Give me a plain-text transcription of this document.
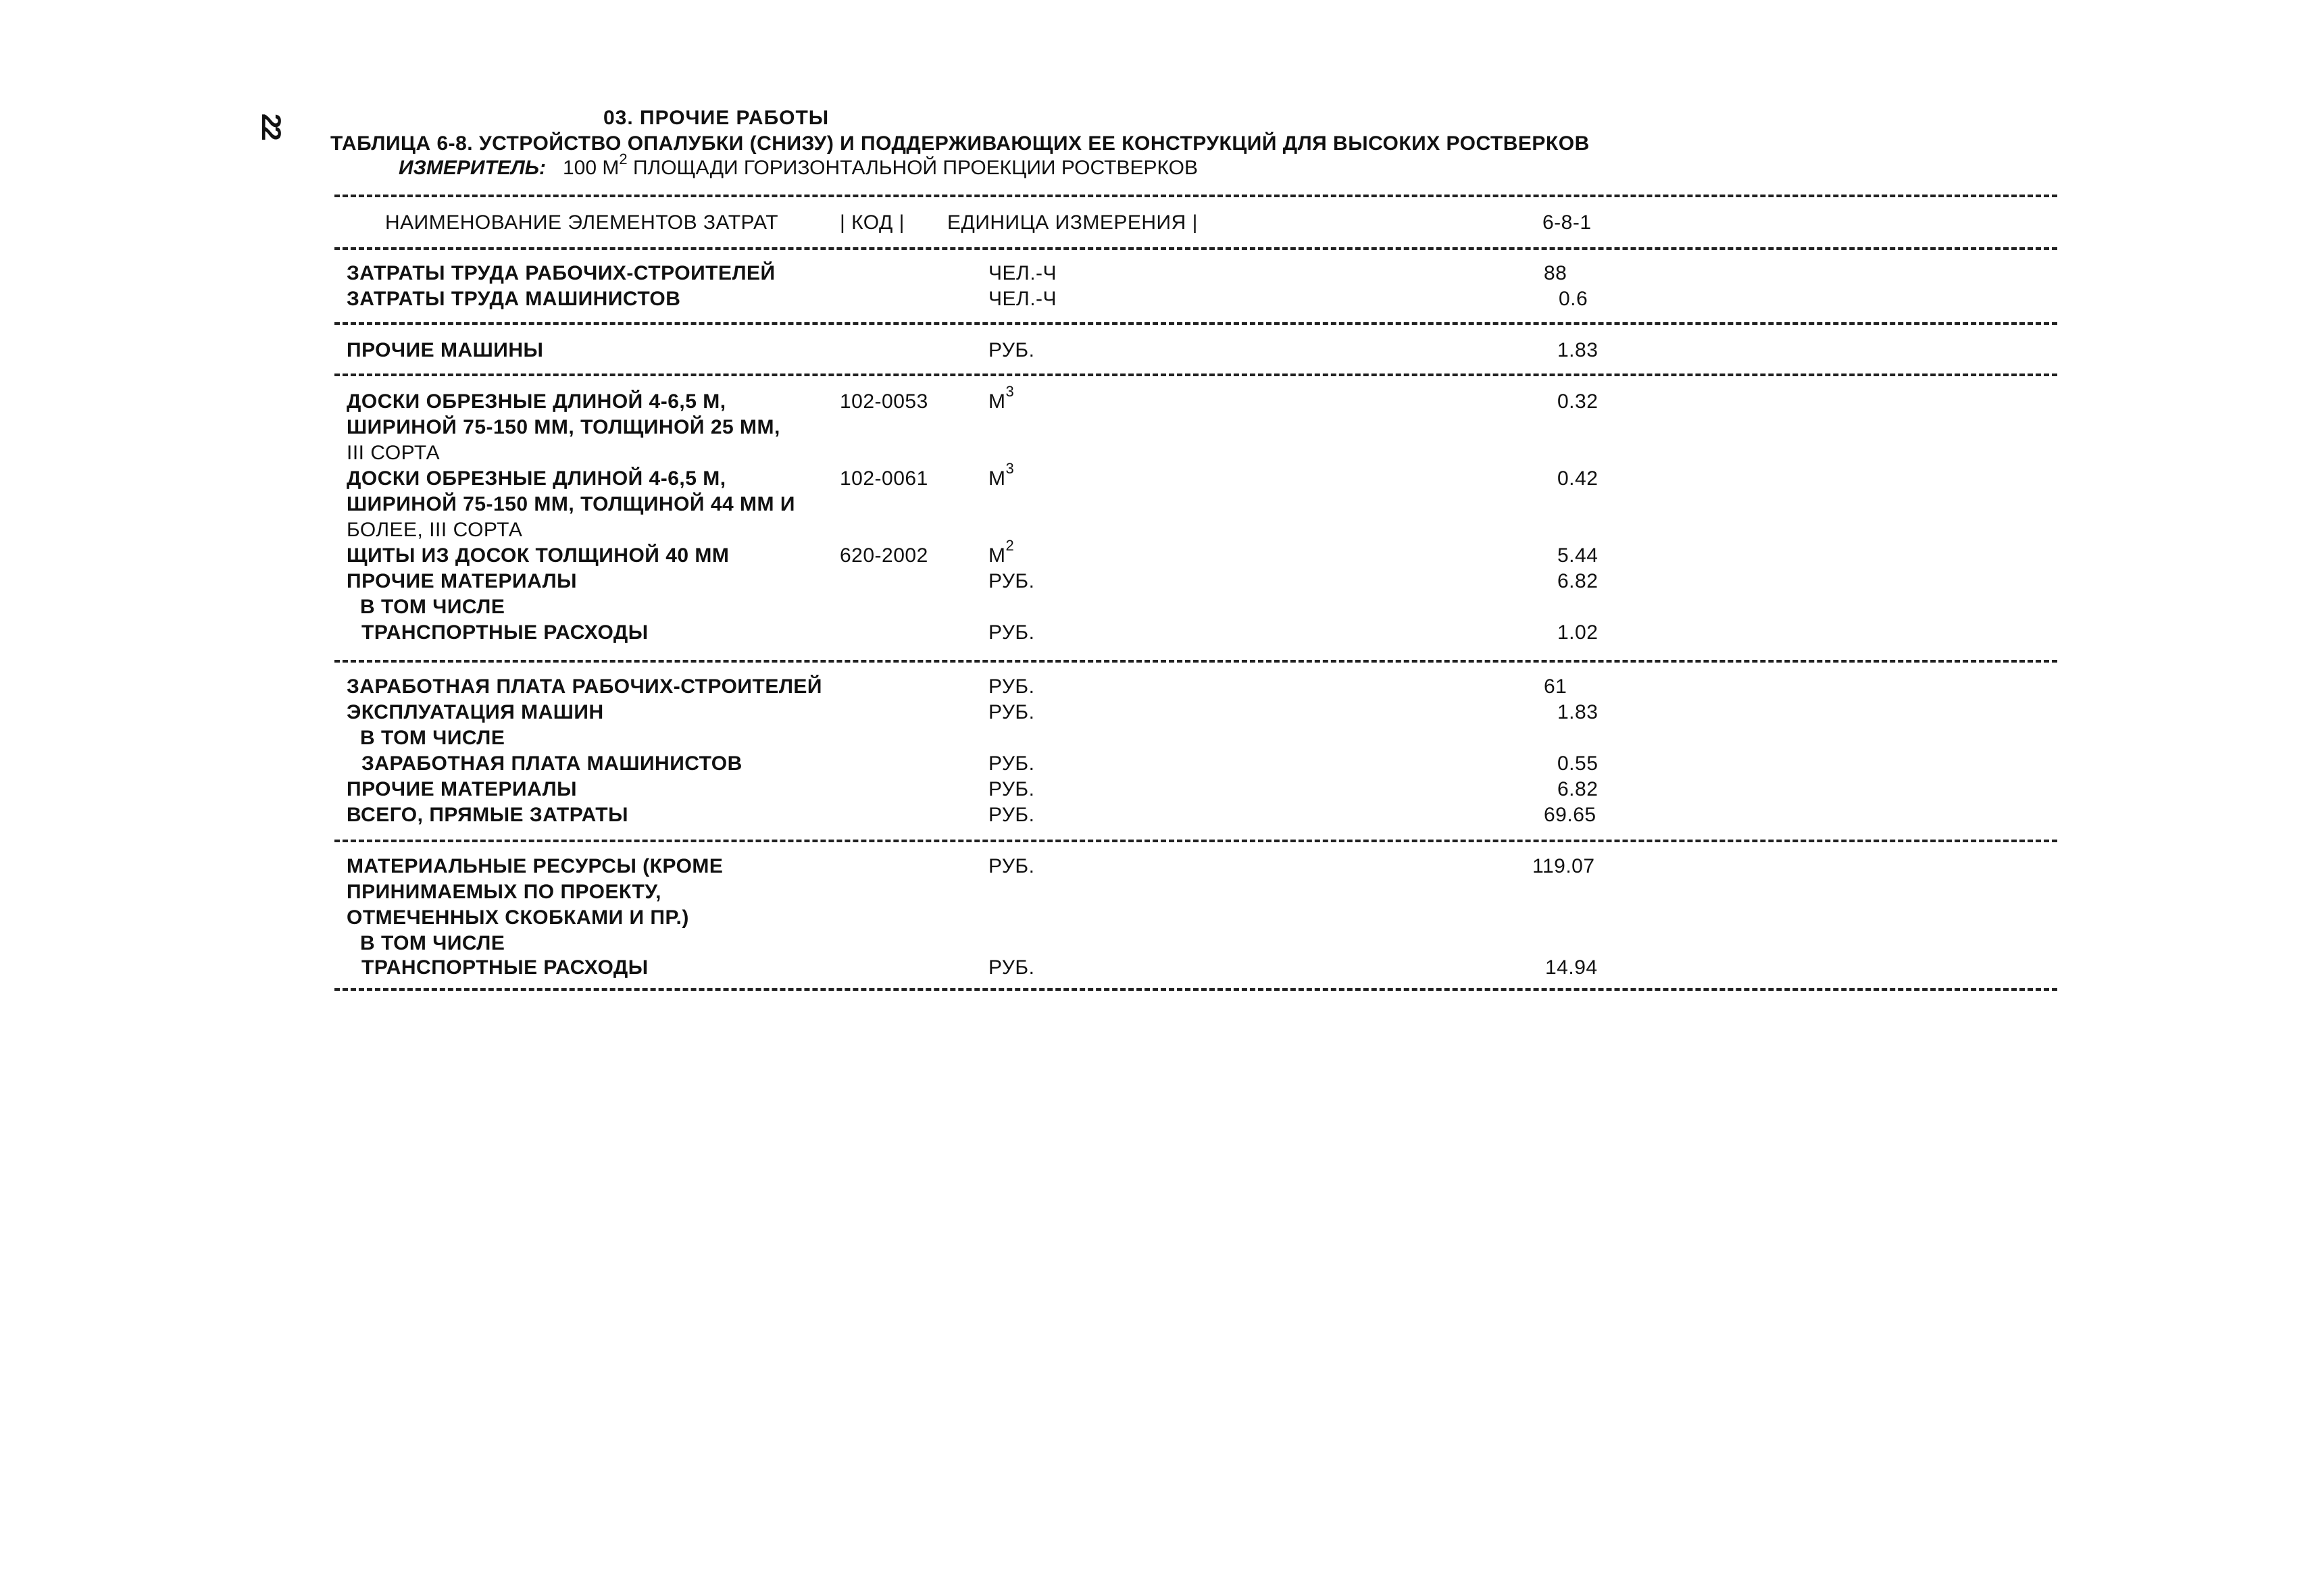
22	03. ПРОЧИЕ РАБОТЫ
ТАБЛИЦА 6-8. УСТРОЙСТВО ОПАЛУБКИ (СНИЗУ) И ПОДДЕРЖИВАЮЩИХ ЕЕ КОНСТРУКЦИЙ ДЛЯ ВЫСОКИХ РОСТВЕРКОВ
ИЗМЕРИТЕЛЬ: 100 $М^2$ ПЛОЩАДИ ГОРИЗОНТАЛЬНОЙ ПРОЕКЦИИ РОСТВЕРКОВ
НАИМЕНОВАНИЕ ЭЛЕМЕНТОВ ЗАТРАТ	| КОД | ЕДИНИЦА ИЗМЕРЕНИЯ |	6-8-1
ЗАТРАТЫ ТРУДА РАБОЧИХ-СТРОИТЕЛЕЙ	ЧЕЛ.-Ч	88
ЗАТРАТЫ ТРУДА МАШИНИСТОВ	ЧЕЛ.-Ч	0.6
ПРОЧИЕ МАШИНЫ	РУБ.	1.83
ДОСКИ ОБРЕЗНЫЕ ДЛИНОЙ 4-6,5 М,
ШИРИНОЙ 75-150 ММ, ТОЛЩИНОЙ 25 ММ,
III СОРТА
102-0053	$М^3$	0.32
ДОСКИ ОБРЕЗНЫЕ ДЛИНОЙ 4-6,5 М,
ШИРИНОЙ 75-150 ММ, ТОЛЩИНОЙ 44 ММ И
БОЛЕЕ, III СОРТА
102-0061	$М^3$	0.42
ЩИТЫ ИЗ ДОСОК ТОЛЩИНОЙ 40 ММ	620-2002	$М^2$	5.44
ПРОЧИЕ МАТЕРИАЛЫ	РУБ.	6.82
В ТОМ ЧИСЛЕ
ТРАНСПОРТНЫЕ РАСХОДЫ	РУБ.	1.02
ЗАРАБОТНАЯ ПЛАТА РАБОЧИХ-СТРОИТЕЛЕЙ	РУБ.	61
ЭКСПЛУАТАЦИЯ МАШИН	РУБ.	1.83
В ТОМ ЧИСЛЕ
ЗАРАБОТНАЯ ПЛАТА МАШИНИСТОВ	РУБ.	0.55
ПРОЧИЕ МАТЕРИАЛЫ	РУБ.	6.82
ВСЕГО, ПРЯМЫЕ ЗАТРАТЫ	РУБ.	69.65
МАТЕРИАЛЬНЫЕ РЕСУРСЫ (КРОМЕ
ПРИНИМАЕМЫХ ПО ПРОЕКТУ,
ОТМЕЧЕННЫХ СКОБКАМИ И ПР.)
РУБ.	119.07
В ТОМ ЧИСЛЕ
ТРАНСПОРТНЫЕ РАСХОДЫ	РУБ.	14.94
